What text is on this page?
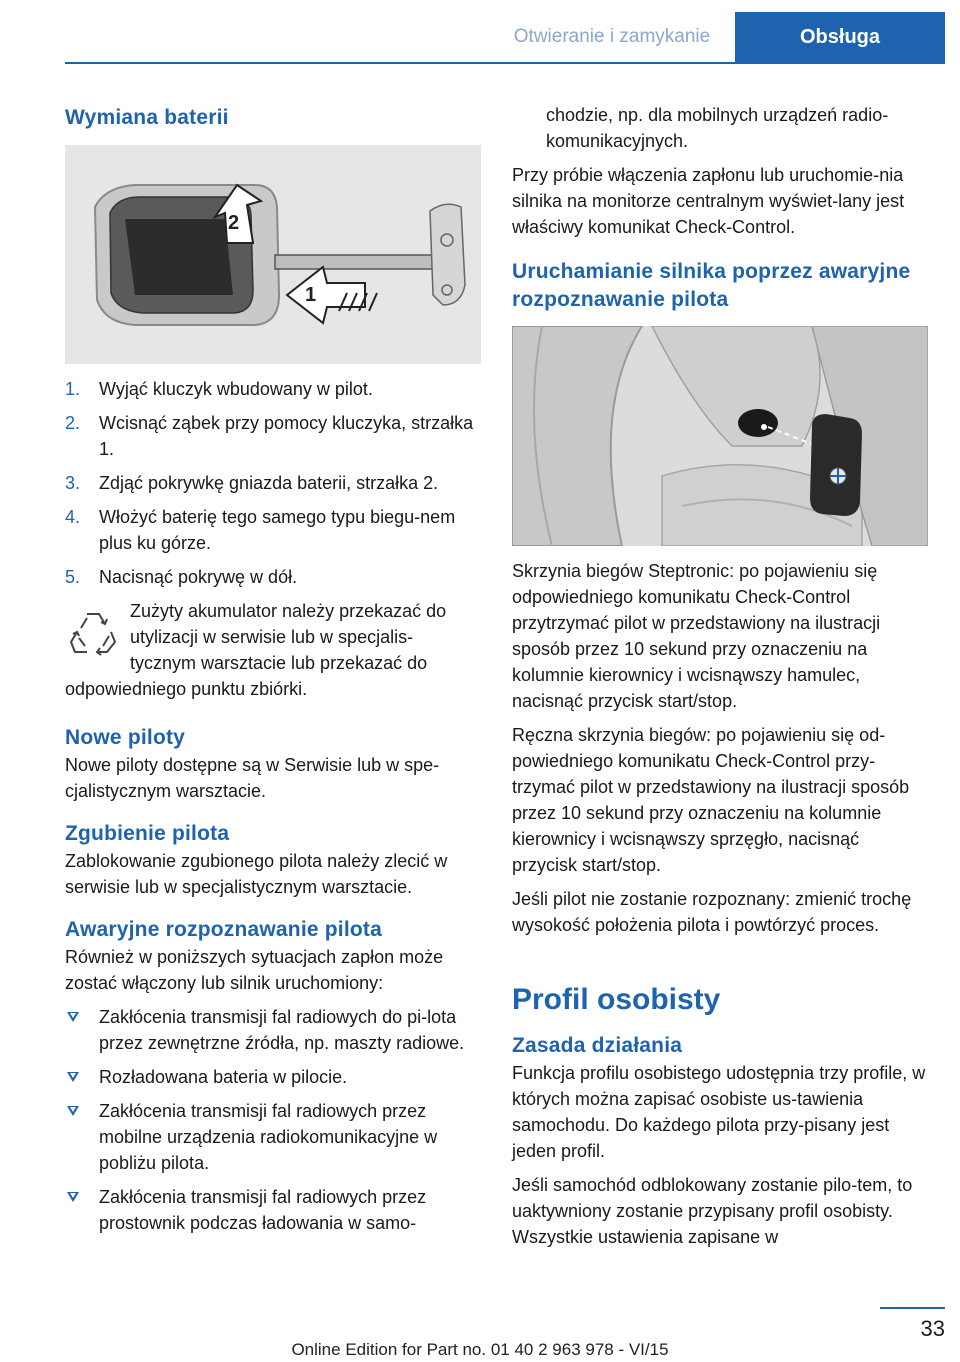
Otwieranie i zamykanie	Obsługa
Wymiana baterii
2
1
1. Wyjąć kluczyk wbudowany w pilot.
2. Wcisnąć ząbek przy pomocy kluczyka, strzałka 1.
3. Zdjąć pokrywkę gniazda baterii, strzałka 2.
4. Włożyć baterię tego samego typu biegu-nem plus ku górze.
5. Nacisnąć pokrywę w dół.
Zużyty akumulator należy przekazać do
utylizacji w serwisie lub w specjalis-
tycznym warsztacie lub przekazać do
odpowiedniego punktu zbiórki.
Nowe piloty

Nowe piloty dostępne są w Serwisie lub w spe-cjalistycznym warsztacie.

Zgubienie pilota

Zablokowanie zgubionego pilota należy zlecić w serwisie lub w specjalistycznym warsztacie.

Awaryjne rozpoznawanie pilota

Również w poniższych sytuacjach zapłon może zostać włączony lub silnik uruchomiony:

Zakłócenia transmisji fal radiowych do pi-lota przez zewnętrzne źródła, np. maszty radiowe.
Rozładowana bateria w pilocie.
Zakłócenia transmisji fal radiowych przez mobilne urządzenia radiokomunikacyjne w pobliżu pilota.
Zakłócenia transmisji fal radiowych przez prostownik podczas ładowania w samo-
chodzie, np. dla mobilnych urządzeń radio-komunikacyjnych.

Przy próbie włączenia zapłonu lub uruchomie-nia silnika na monitorze centralnym wyświet-lany jest właściwy komunikat Check-Control.

Uruchamianie silnika poprzez awaryjne rozpoznawanie pilota

Skrzynia biegów Steptronic: po pojawieniu się odpowiedniego komunikatu Check-Control przytrzymać pilot w przedstawiony na ilustracji sposób przez 10 sekund przy oznaczeniu na kolumnie kierownicy i wcisnąwszy hamulec, nacisnąć przycisk start/stop.

Ręczna skrzynia biegów: po pojawieniu się od-powiedniego komunikatu Check-Control przy-trzymać pilot w przedstawiony na ilustracji sposób przez 10 sekund przy oznaczeniu na kolumnie kierownicy i wcisnąwszy sprzęgło, nacisnąć przycisk start/stop.

Jeśli pilot nie zostanie rozpoznany: zmienić trochę wysokość położenia pilota i powtórzyć proces.

Profil osobisty
Zasada działania

Funkcja profilu osobistego udostępnia trzy profile, w których można zapisać osobiste us-tawienia samochodu. Do każdego pilota przy-pisany jest jeden profil.

Jeśli samochód odblokowany zostanie pilo-tem, to uaktywniony zostanie przypisany profil osobisty. Wszystkie ustawienia zapisane w

33
Online Edition for Part no. 01 40 2 963 978 - VI/15
